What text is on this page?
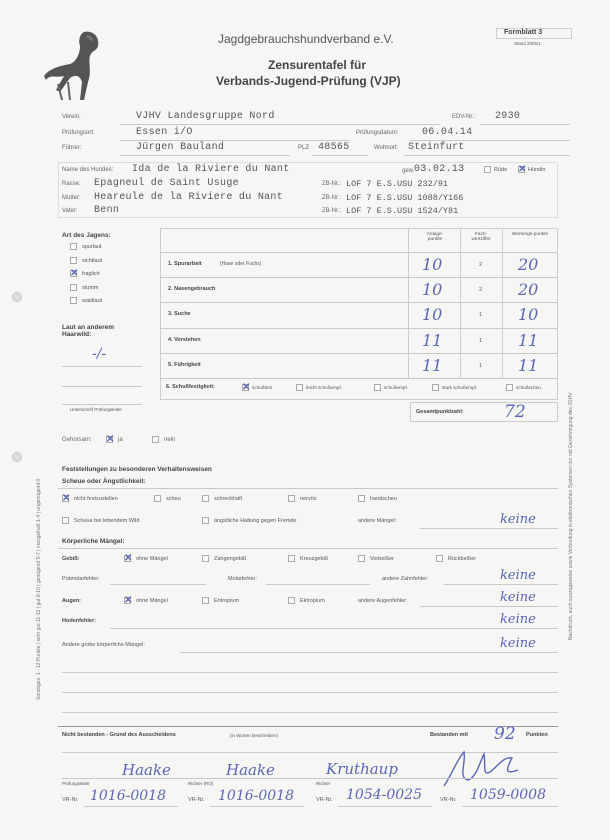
Sonstiges: 1 - 12 Punkte | sehr gut 11-12 | gut 8-10 | genügend 5-7 | mangelhaft 1-4 | ungenügend 0	Nachdruck, auch auszugsweise sowie Verbreitung in elektronischen Systemen nur mit Genehmigung des JGHV
Jagdgebrauchshundverband e.V.
Zensurentafel für
Verbands-Jugend-Prüfung (VJP)
Formblatt 3
Stand 2005/1
Verein:	VJHV Landesgruppe Nord	EDV-Nr.: 2930
Prüfungsort:	Essen i/O	Prüfungsdatum: 06.04.14
Führer:	Jürgen Bauland	PLZ 48565	Wohnort: Steinfurt
Name des Hundes: Ida de la Riviere du Nant	gew. 03.02.13	Rüde ✕ Hündin
Rasse: Epagneul de Saint Usuge	ZB-Nr.: LOF 7 E.S.USU 232/91
Mutter: Heareule de la Riviere du Nant	ZB-Nr.: LOF 7 E.S.USU 1088/Y166
Vater: Benn	ZB-Nr.: LOF 7 E.S.USU 1524/Y81
Art des Jagens:
spurlaut
sichtlaut
✕ fraglich
stumm
waidlaut
Laut an anderem Haarwild:
-/-
Unterschrift Prüfungsleiter
Anlage-punkte
Fach-wertziffer
Wertungs-punkte
1. Spurarbeit	(Hase oder Fuchs)	10	2 20
2. Nasengebrauch	10	2 20
3. Suche	10	1 10
4. Vorstehen	11	1 11
5. Führigkeit	11	1 11
6. Schußfestigkeit:	✕ schußfest	leicht schußempf.	schußempf.	stark schußempf.	schußscheu
Gesamtpunktzahl: 72
Gehorsam: ✕ ja	nein
Feststellungen zu besonderen Verhaltensweisen
Scheue oder Ängstlichkeit:
✕ nicht festzustellen	scheu	schreckhaft	nervös	handscheu
Scheue bei lebendem Wild	ängstliche Haltung gegen Fremde	andere Mängel:	keine
Körperliche Mängel:
Gebiß:	✕ ohne Mängel	Zangengebiß	Kreuzgebiß	Vorbeißer	Rückbeißer
Prämolarfehler:	Molarfehler:	andere Zahnfehler:	keine
Augen:	✕ ohne Mängel	Entropium	Ektropium	andere Augenfehler:	keine
Hodenfehler:	keine
Andere grobe körperliche Mängel:	keine
Nicht bestanden - Grund des Ausscheidens	(in Worten beschreiben)	Bestanden mit 92 Punkten
Haake	Haake	Kruthaup
Prüfungsleiter	Richter (RO)	Richter
VR-Nr. 1016-0018	VR-Nr. 1016-0018	VR-Nr. 1054-0025	VR-Nr. 1059-0008
